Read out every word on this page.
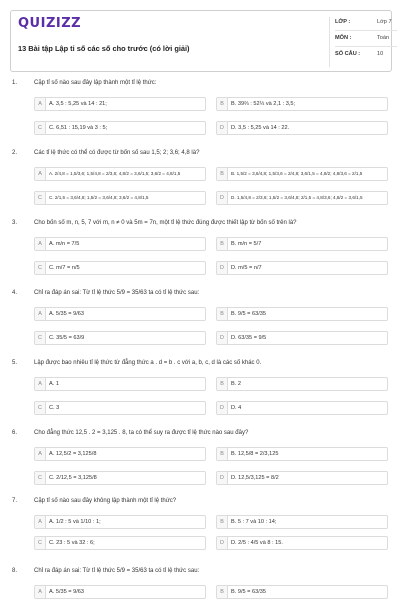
QUIZIZZ
13 Bài tập Lập tỉ số các số cho trước (có lời giải)
LỚP :	Lớp 7
MÔN :	Toán
SỐ CÂU :	10
1.	Cặp tỉ số nào sau đây lập thành một tỉ lệ thức:
A	A. 3,5 : 5,25 và 14 : 21;	B	B. 39⅔ : 52⅓ và 2,1 : 3,5;
C	C. 6,51 : 15,19 và 3 : 5;	D	D. 3,5 : 5,25 và 14 : 22.
2.	Các tỉ lệ thức có thể có được từ bốn số sau 1,5; 2; 3,6; 4,8 là?
A	A. 2/4,8 = 1,5/3,6; 1,5/4,8 = 2/3,6; 4,8/2 = 3,6/1,5; 3,6/2 = 4,8/1,5	B	B. 1,5/2 = 3,6/4,8; 1,5/3,6 = 2/4,8; 3,6/1,5 = 4,8/2; 4,8/3,6 = 2/1,5
C	C. 2/1,5 = 3,6/4,8; 1,5/2 = 3,6/4,8; 3,6/2 = 4,8/1,5	D	D. 1,5/4,8 = 2/3,6; 1,5/2 = 3,6/4,8; 2/1,5 = 4,8/3,6; 4,8/2 = 3,6/1,5
3.	Cho bốn số m, n, 5, 7 với m, n ≠ 0 và 5m = 7n, một tỉ lệ thức đúng được thiết lập từ bốn số trên là?
A	A. m/n = 7/5	B	B. m/n = 5/7
C	C. m/7 = n/5	D	D. m/5 = n/7
4.	Chỉ ra đáp án sai: Từ tỉ lệ thức 5/9 = 35/63 ta có tỉ lệ thức sau:
A	A. 5/35 = 9/63	B	B. 9/5 = 63/35
C	C. 35/5 = 63/9	D	D. 63/35 = 9/5
5.	Lập được bao nhiêu tỉ lệ thức từ đẳng thức a . d = b . c với a, b, c, d là các số khác 0.
A	A. 1	B	B. 2
C	C. 3	D	D. 4
6.	Cho đẳng thức 12,5 . 2 = 3,125 . 8, ta có thể suy ra được tỉ lệ thức nào sau đây?
A	A. 12,5/2 = 3,125/8	B	B. 12,5/8 = 2/3,125
C	C. 2/12,5 = 3,125/8	D	D. 12,5/3,125 = 8/2
7.	Cặp tỉ số nào sau đây không lập thành một tỉ lệ thức?
A	A. 1/2 : 5 và 1/10 : 1;	B	B. 5 : 7 và 10 : 14;
C	C. 23 : 5 và 32 : 6;	D	D. 2/5 : 4/5 và 8 : 15.
8.	Chỉ ra đáp án sai: Từ tỉ lệ thức 5/9 = 35/63 ta có tỉ lệ thức sau:
A	A. 5/35 = 9/63	B	B. 9/5 = 63/35
